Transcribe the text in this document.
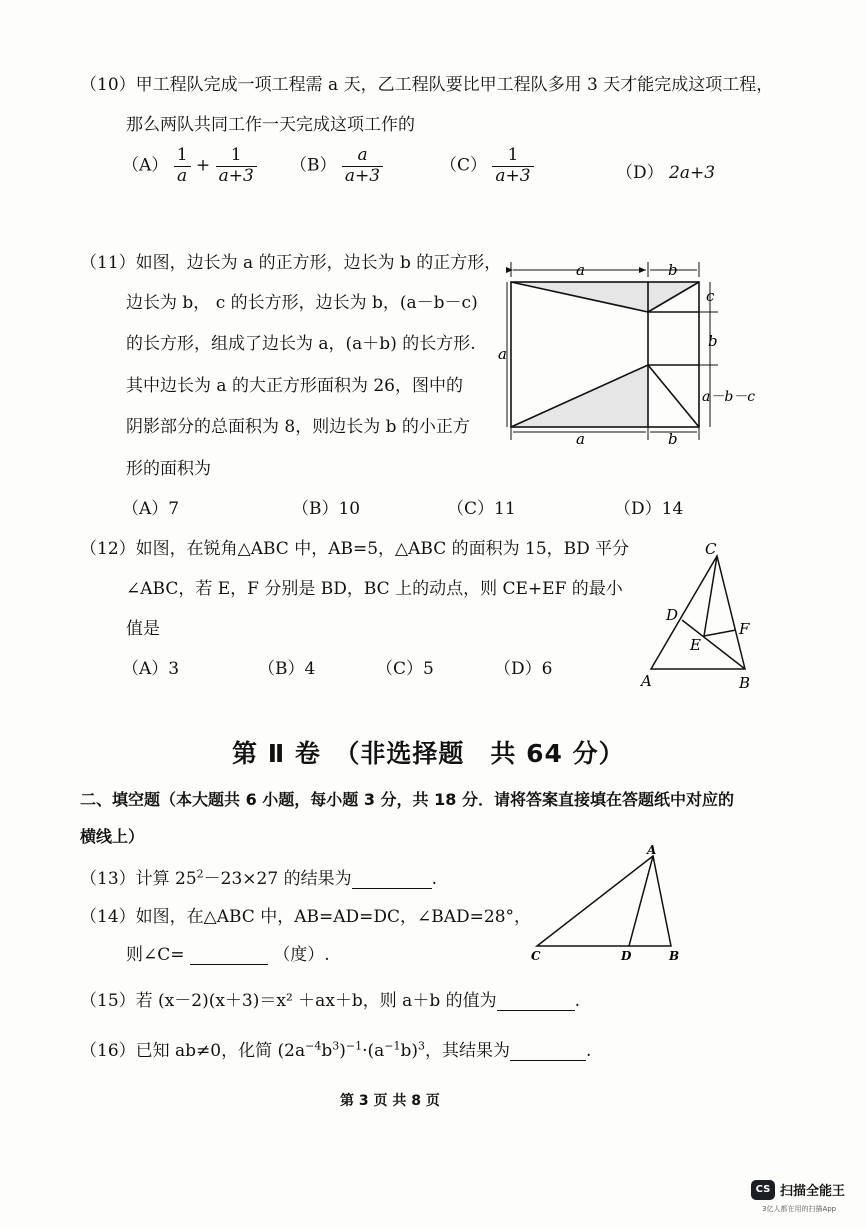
（10）甲工程队完成一项工程需 a 天，乙工程队要比甲工程队多用 3 天才能完成这项工程，
那么两队共同工作一天完成这项工作的
$(A) \frac{1}{a} + \frac{1}{a+3} (B) \frac{a}{a+3}$	$(C) \frac{1}{a+3}$	（D） 2a+3
（11）如图，边长为 a 的正方形，边长为 b 的正方形，
边长为 b， c 的长方形，边长为 b，(a－b－c)
的长方形，组成了边长为 a，(a＋b) 的长方形.
其中边长为 a 的大正方形面积为 26，图中的
阴影部分的总面积为 8，则边长为 b 的小正方
形的面积为
（A）7	（B）10	（C）11	（D）14
a	b
a	b
a
c
b
a－b－c
（12）如图，在锐角△ABC 中，AB=5，△ABC 的面积为 15，BD 平分
∠ABC，若 E，F 分别是 BD，BC 上的动点，则 CE+EF 的最小
值是
（A）3	（B）4	（C）5	（D）6
C
D
F
E
A	B
第 Ⅱ 卷　（非选择题　共 64 分）
二、填空题（本大题共 6 小题，每小题 3 分，共 18 分．请将答案直接填在答题纸中对应的
横线上）
（13）计算 $25^2-23\times 27$ 的结果为	.
（14）如图，在△ABC 中，AB=AD=DC，∠BAD=28°，
则∠C=	（度）.
A
C	D	B
（15）若 (x－2)(x＋3)＝x² ＋ax＋b，则 a＋b 的值为	.
（16）已知 ab≠0，化简 $(2a^{-4}b^3)^{-1}\cdot(a^{-1}b)^3$，其结果为	.
第 3 页 共 8 页
CS 扫描全能王
3亿人都在用的扫描App
